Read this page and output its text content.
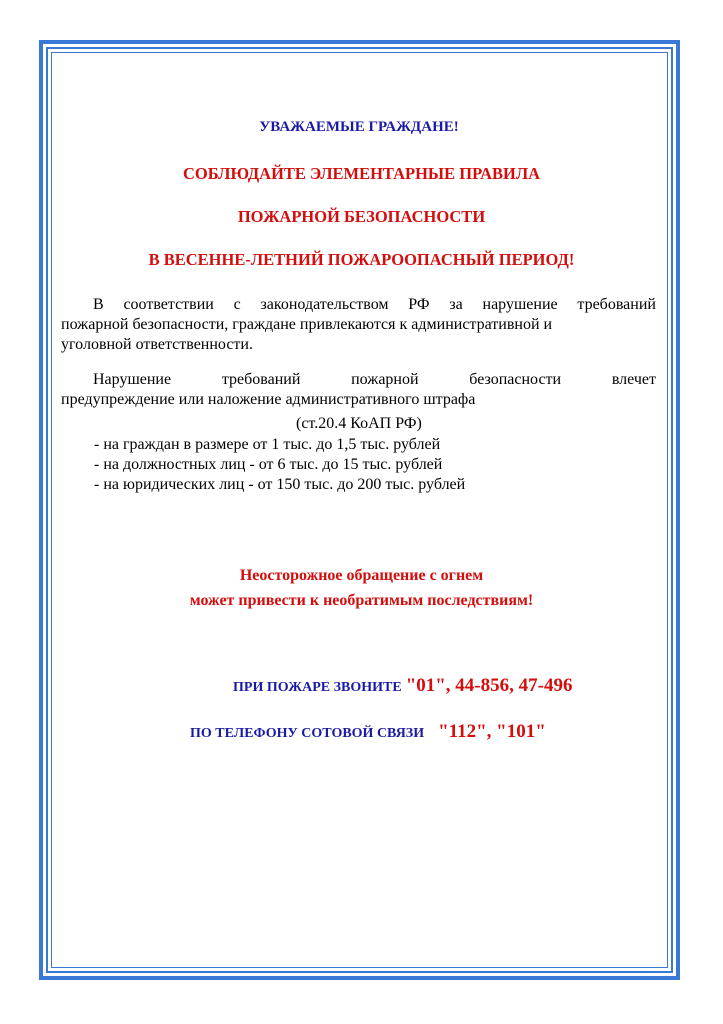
УВАЖАЕМЫЕ ГРАЖДАНЕ!
СОБЛЮДАЙТЕ ЭЛЕМЕНТАРНЫЕ ПРАВИЛА
ПОЖАРНОЙ БЕЗОПАСНОСТИ
В ВЕСЕННЕ-ЛЕТНИЙ ПОЖАРООПАСНЫЙ ПЕРИОД!
В соответствии с законодательством РФ за нарушение требований
пожарной безопасности, граждане привлекаются к административной и
уголовной ответственности.
Нарушение	требований	пожарной	безопасности	влечет
предупреждение или наложение административного штрафа
(ст.20.4 КоАП РФ)
- на граждан в размере от 1 тыс. до 1,5 тыс. рублей
- на должностных лиц - от 6 тыс. до 15 тыс. рублей
- на юридических лиц - от 150 тыс. до 200 тыс. рублей
Неосторожное обращение с огнем
может привести к необратимым последствиям!
ПРИ ПОЖАРЕ ЗВОНИТЕ "01", 44-856, 47-496
ПО ТЕЛЕФОНУ СОТОВОЙ СВЯЗИ "112", "101"
